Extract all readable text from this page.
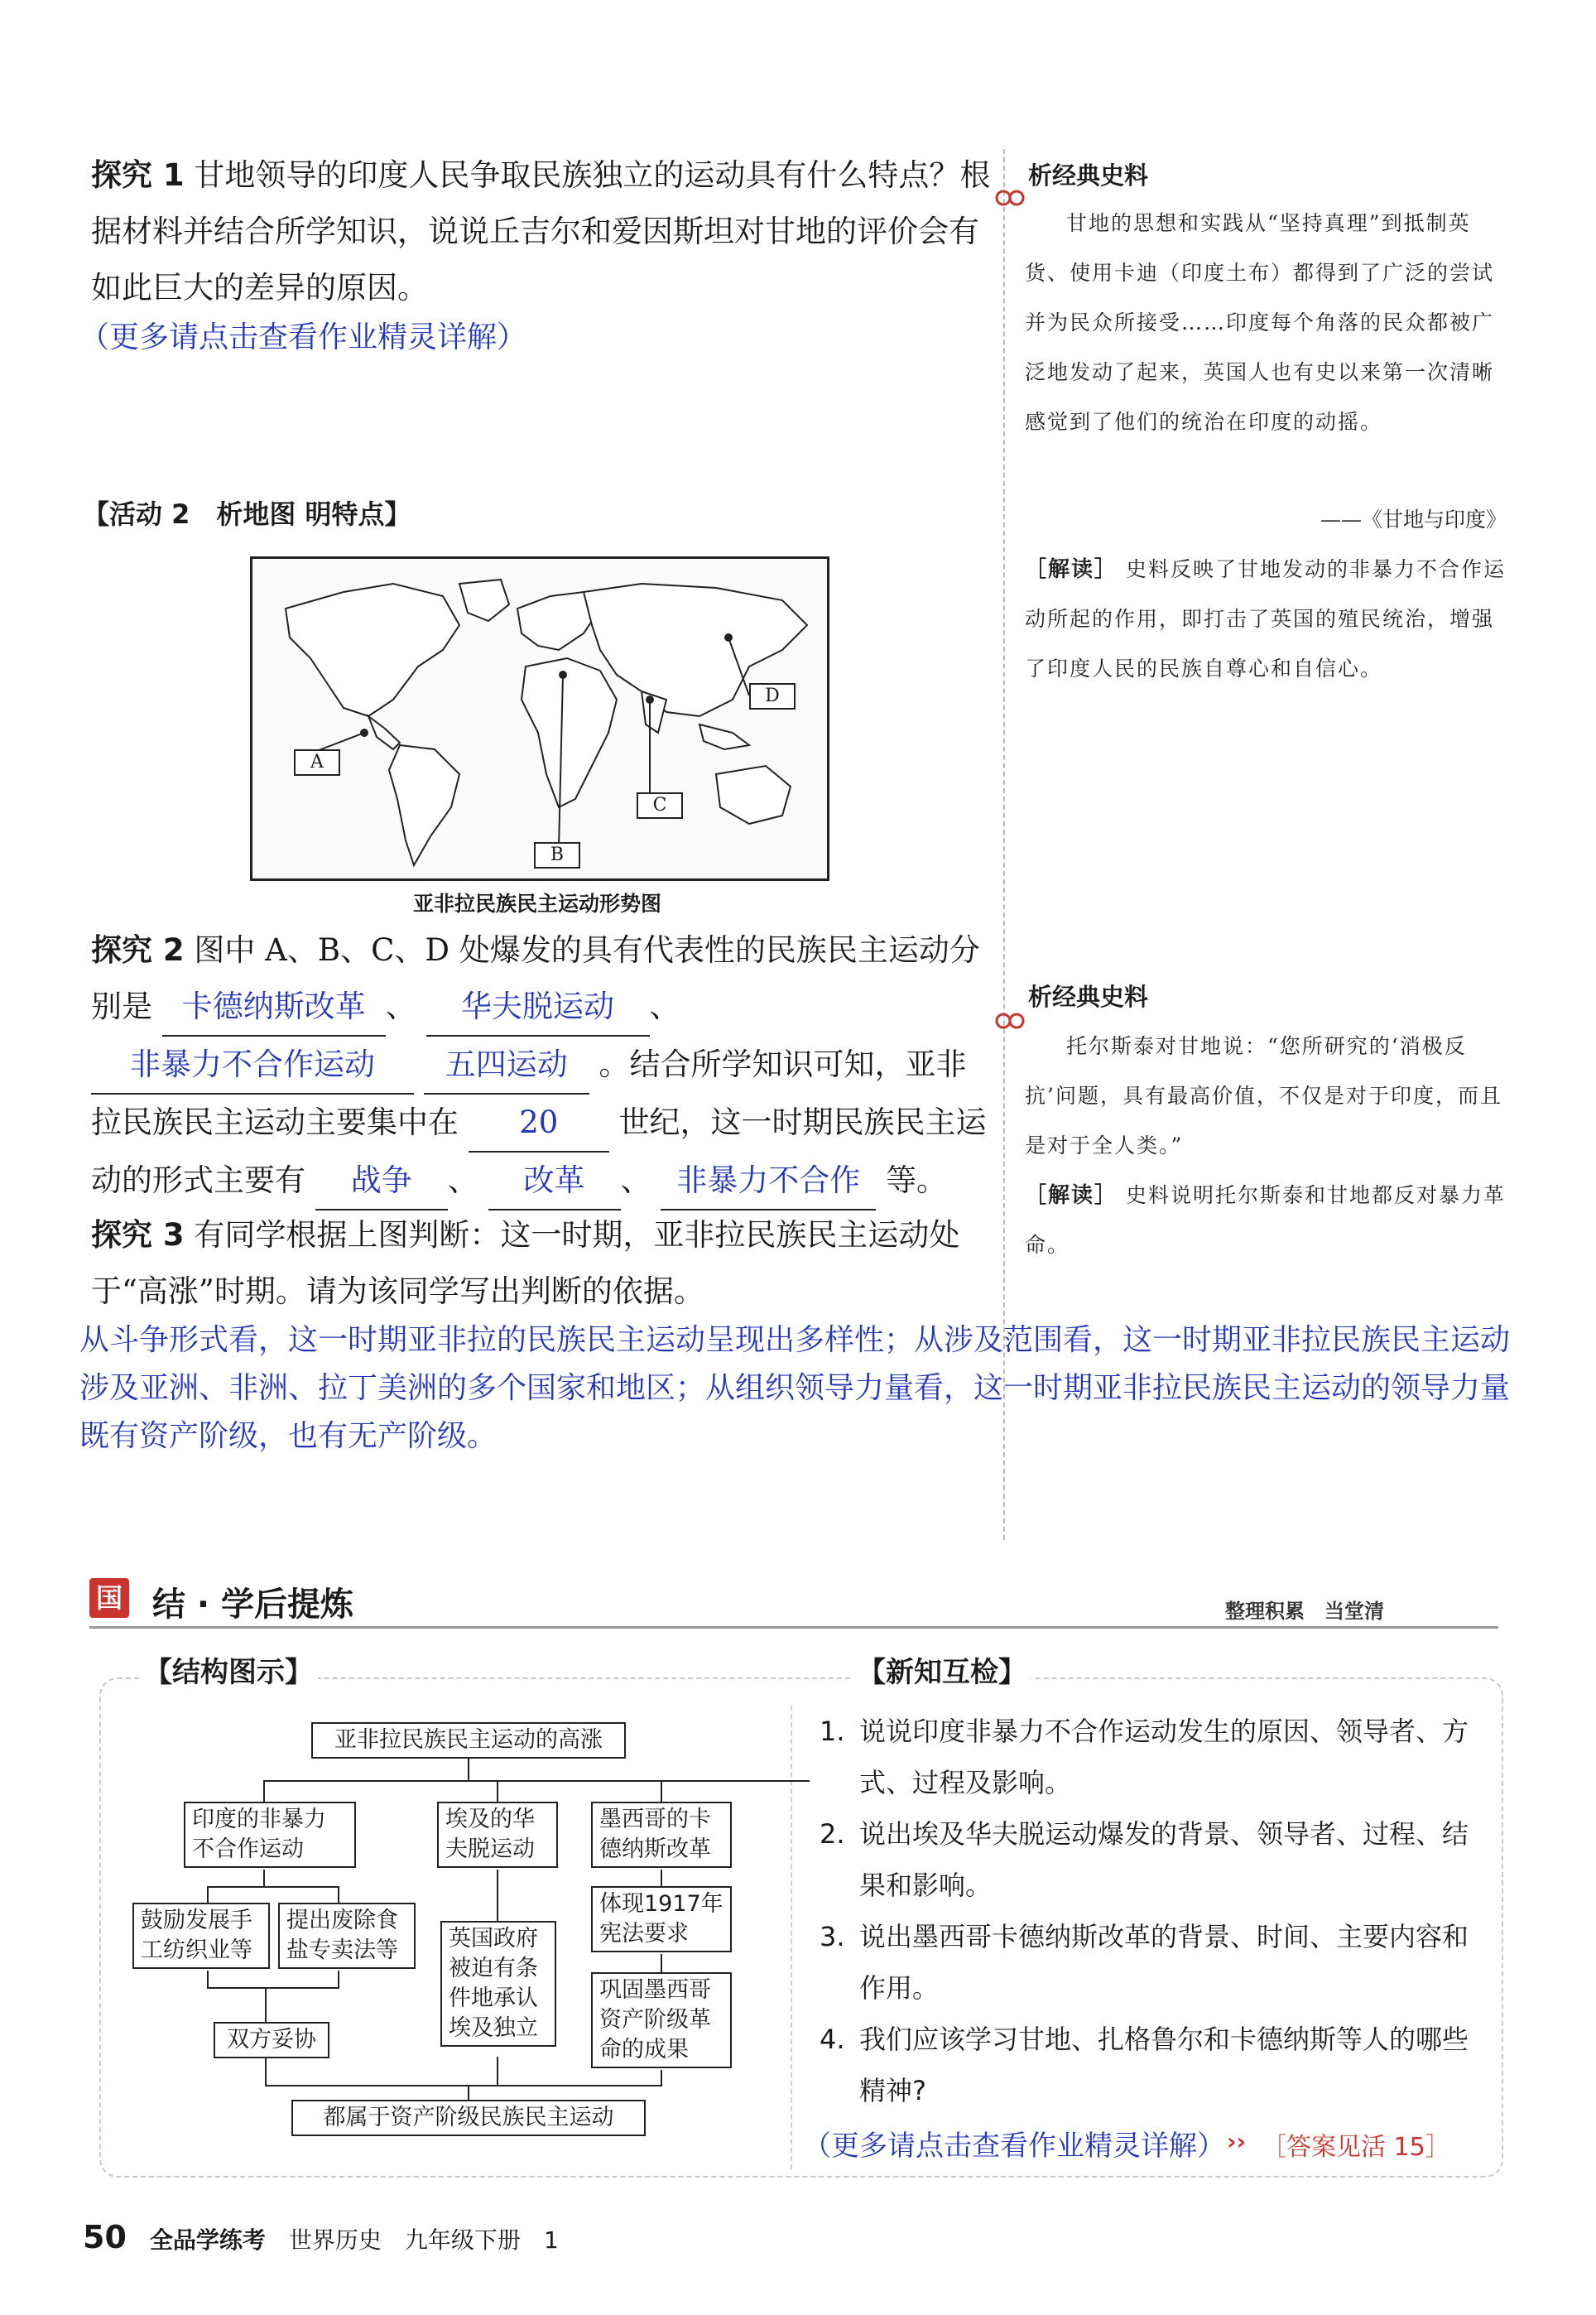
探究 1 甘地领导的印度人民争取民族独立的运动具有什么特点？根据材料并结合所学知识，说说丘吉尔和爱因斯坦对甘地的评价会有如此巨大的差异的原因。
（更多请点击查看作业精灵详解）
析经典史料
甘地的思想和实践从“坚持真理”到抵制英货、使用卡迪（印度土布）都得到了广泛的尝试并为民众所接受……印度每个角落的民众都被广泛地发动了起来，英国人也有史以来第一次清晰感觉到了他们的统治在印度的动摇。
——《甘地与印度》
［解读］ 史料反映了甘地发动的非暴力不合作运动所起的作用，即打击了英国的殖民统治，增强了印度人民的民族自尊心和自信心。
【活动 2　析地图 明特点】
A
B
C
D
亚非拉民族民主运动形势图
探究 2 图中 A、B、C、D 处爆发的具有代表性的民族民主运动分别是 卡德纳斯改革 、 华夫脱运动 、 非暴力不合作运动 五四运动 。结合所学知识可知，亚非拉民族民主运动主要集中在 20 世纪，这一时期民族民主运动的形式主要有 战争 、 改革 、 非暴力不合作 等。
析经典史料
托尔斯泰对甘地说：“您所研究的‘消极反抗’问题，具有最高价值，不仅是对于印度，而且是对于全人类。”
［解读］ 史料说明托尔斯泰和甘地都反对暴力革命。
探究 3 有同学根据上图判断：这一时期，亚非拉民族民主运动处于“高涨”时期。请为该同学写出判断的依据。
从斗争形式看，这一时期亚非拉的民族民主运动呈现出多样性；从涉及范围看，这一时期亚非拉民族民主运动涉及亚洲、非洲、拉丁美洲的多个国家和地区；从组织领导力量看，这一时期亚非拉民族民主运动的领导力量既有资产阶级，也有无产阶级。
国 结 · 学后提炼	整理积累　当堂清
【结构图示】	【新知互检】
亚非拉民族民主运动的高涨
印度的非暴力不合作运动
埃及的华夫脱运动
墨西哥的卡德纳斯改革
鼓励发展手工纺织业等
提出废除食盐专卖法等
双方妥协
英国政府被迫有条件地承认埃及独立
体现1917年宪法要求
巩固墨西哥资产阶级革命的成果
都属于资产阶级民族民主运动
1. 说说印度非暴力不合作运动发生的原因、领导者、方式、过程及影响。
2. 说出埃及华夫脱运动爆发的背景、领导者、过程、结果和影响。
3. 说出墨西哥卡德纳斯改革的背景、时间、主要内容和作用。
4. 我们应该学习甘地、扎格鲁尔和卡德纳斯等人的哪些精神?
（更多请点击查看作业精灵详解） ›› ［答案见活 15］
50 全品学练考 世界历史 九年级下册 1
